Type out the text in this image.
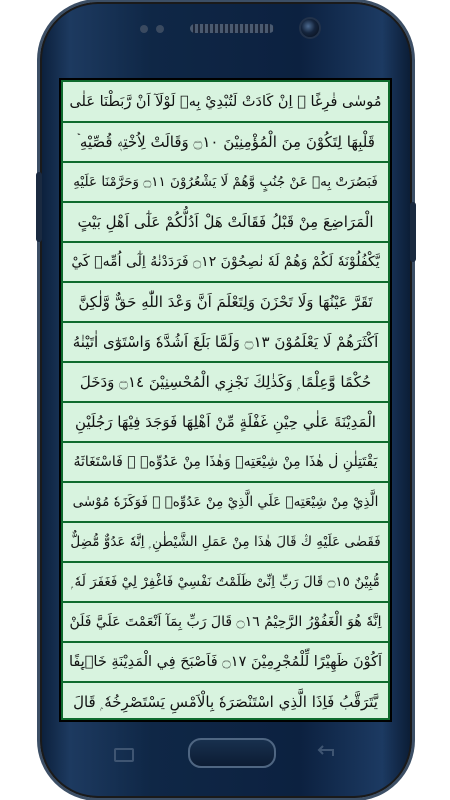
مُوسٰى فٰرِغًا ۭ اِنْ كَادَتْ لَتُبْدِيْ بِهٖ لَوْلَآ اَنْ رَّبَطْنَا عَلٰى
قَلْبِهَا لِتَكُوْنَ مِنَ الْمُؤْمِنِيْنَ ۝١٠ وَقَالَتْ لِاُخْتِهٖ قُصِّيْهِ ۡ
فَبَصُرَتْ بِهٖ عَنْ جُنُبٍ وَّهُمْ لَا يَشْعُرُوْنَ ۝١١ وَحَرَّمْنَا عَلَيْهِ
الْمَرَاضِعَ مِنْ قَبْلُ فَقَالَتْ هَلْ اَدُلُّكُمْ عَلٰٓى اَهْلِ بَيْتٍ
يَّكْفُلُوْنَهٗ لَكُمْ وَهُمْ لَهٗ نٰصِحُوْنَ ۝١٢ فَرَدَدْنٰهُ اِلٰٓى اُمِّهٖ كَيْ
تَقَرَّ عَيْنُهَا وَلَا تَحْزَنَ وَلِتَعْلَمَ اَنَّ وَعْدَ اللّٰهِ حَقٌّ وَّلٰكِنَّ
اَكْثَرَهُمْ لَا يَعْلَمُوْنَ ۝١٣ وَلَمَّا بَلَغَ اَشُدَّهٗ وَاسْتَوٰٓى اٰتَيْنٰهُ
حُكْمًا وَّعِلْمًا ۭ وَكَذٰلِكَ نَجْزِي الْمُحْسِنِيْنَ ۝١٤ وَدَخَلَ
الْمَدِيْنَةَ عَلٰي حِيْنِ غَفْلَةٍ مِّنْ اَهْلِهَا فَوَجَدَ فِيْهَا رَجُلَيْنِ
يَقْتَتِلٰنِ ڶ هٰذَا مِنْ شِيْعَتِهٖ وَهٰذَا مِنْ عَدُوِّهٖ ۚ فَاسْتَغَاثَهُ
الَّذِيْ مِنْ شِيْعَتِهٖ عَلَي الَّذِيْ مِنْ عَدُوِّهٖ ۙ فَوَكَزَهٗ مُوْسٰى
فَقَضٰى عَلَيْهِ ڭ قَالَ هٰذَا مِنْ عَمَلِ الشَّيْطٰنِ ۭ اِنَّهٗ عَدُوٌّ مُّضِلٌّ
مُّبِيْنٌ ۝١٥ قَالَ رَبِّ اِنِّىْ ظَلَمْتُ نَفْسِيْ فَاغْفِرْ لِيْ فَغَفَرَ لَهٗ ۭ
اِنَّهٗ هُوَ الْغَفُوْرُ الرَّحِيْمُ ۝١٦ قَالَ رَبِّ بِمَآ اَنْعَمْتَ عَلَيَّ فَلَنْ
اَكُوْنَ ظَهِيْرًا لِّلْمُجْرِمِيْنَ ۝١٧ فَاَصْبَحَ فِي الْمَدِيْنَةِ خَاۗىِٕفًا
يَّتَرَقَّبُ فَاِذَا الَّذِي اسْتَنْصَرَهٗ بِالْاَمْسِ يَسْتَصْرِخُهٗ ۭ قَالَ
